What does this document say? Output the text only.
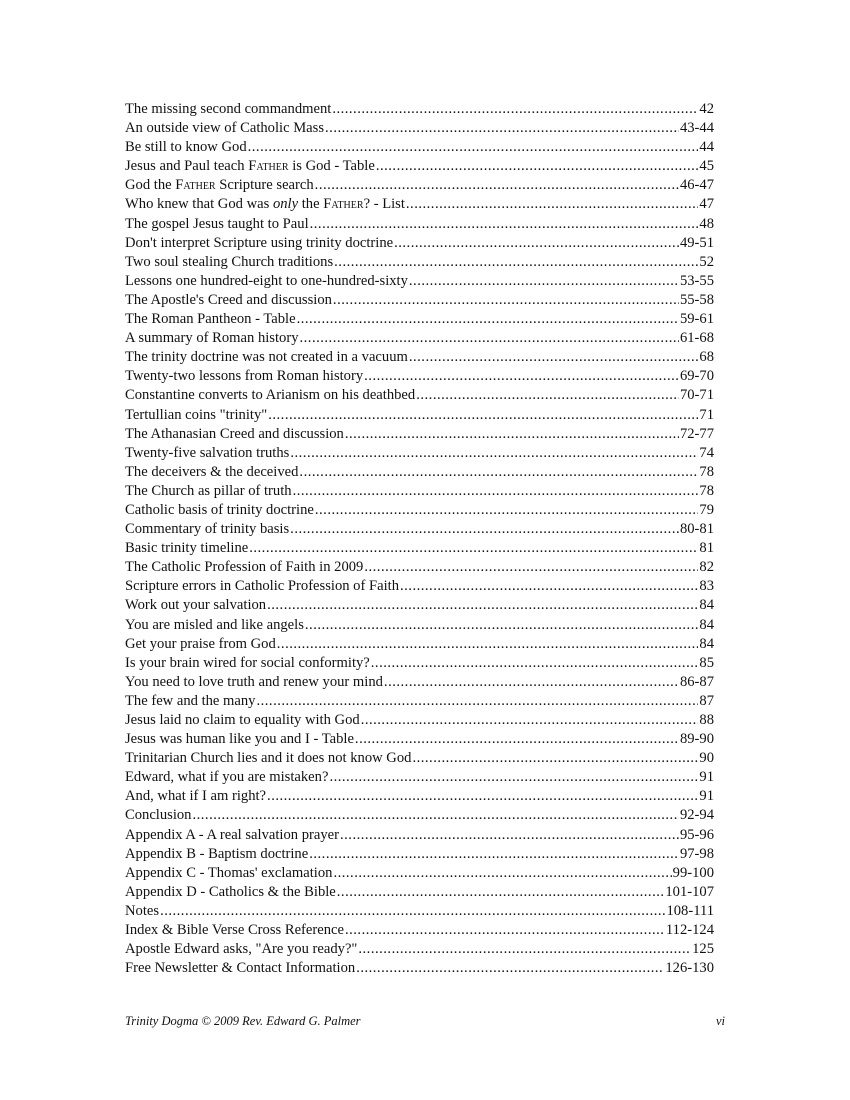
The missing second commandment .....	42
An outside view of Catholic Mass .....	43-44
Be still to know God .....	44
Jesus and Paul teach Father is God - Table .....	45
God the Father Scripture search .....	46-47
Who knew that God was only the Father? - List .....	47
The gospel Jesus taught to Paul .....	48
Don't interpret Scripture using trinity doctrine .....	49-51
Two soul stealing Church traditions .....	52
Lessons one hundred-eight to one-hundred-sixty .....	53-55
The Apostle's Creed and discussion .....	55-58
The Roman Pantheon - Table .....	59-61
A summary of Roman history .....	61-68
The trinity doctrine was not created in a vacuum .....	68
Twenty-two lessons from Roman history .....	69-70
Constantine converts to Arianism on his deathbed .....	70-71
Tertullian coins "trinity" .....	71
The Athanasian Creed and discussion .....	72-77
Twenty-five salvation truths .....	74
The deceivers & the deceived .....	78
The Church as pillar of truth .....	78
Catholic basis of trinity doctrine .....	79
Commentary of trinity basis .....	80-81
Basic trinity timeline .....	81
The Catholic Profession of Faith in 2009 .....	82
Scripture errors in Catholic Profession of Faith .....	83
Work out your salvation .....	84
You are misled and like angels .....	84
Get your praise from God .....	84
Is your brain wired for social conformity? .....	85
You need to love truth and renew your mind .....	86-87
The few and the many .....	87
Jesus laid no claim to equality with God .....	88
Jesus was human like you and I - Table .....	89-90
Trinitarian Church lies and it does not know God .....	90
Edward, what if you are mistaken? .....	91
And, what if I am right? .....	91
Conclusion .....	92-94
Appendix A - A real salvation prayer .....	95-96
Appendix B - Baptism doctrine .....	97-98
Appendix C - Thomas' exclamation .....	99-100
Appendix D - Catholics & the Bible .....	101-107
Notes .....	108-111
Index & Bible Verse Cross Reference .....	112-124
Apostle Edward asks, "Are you ready?" .....	125
Free Newsletter & Contact Information .....	126-130
Trinity Dogma © 2009 Rev. Edward G. Palmer	vi
